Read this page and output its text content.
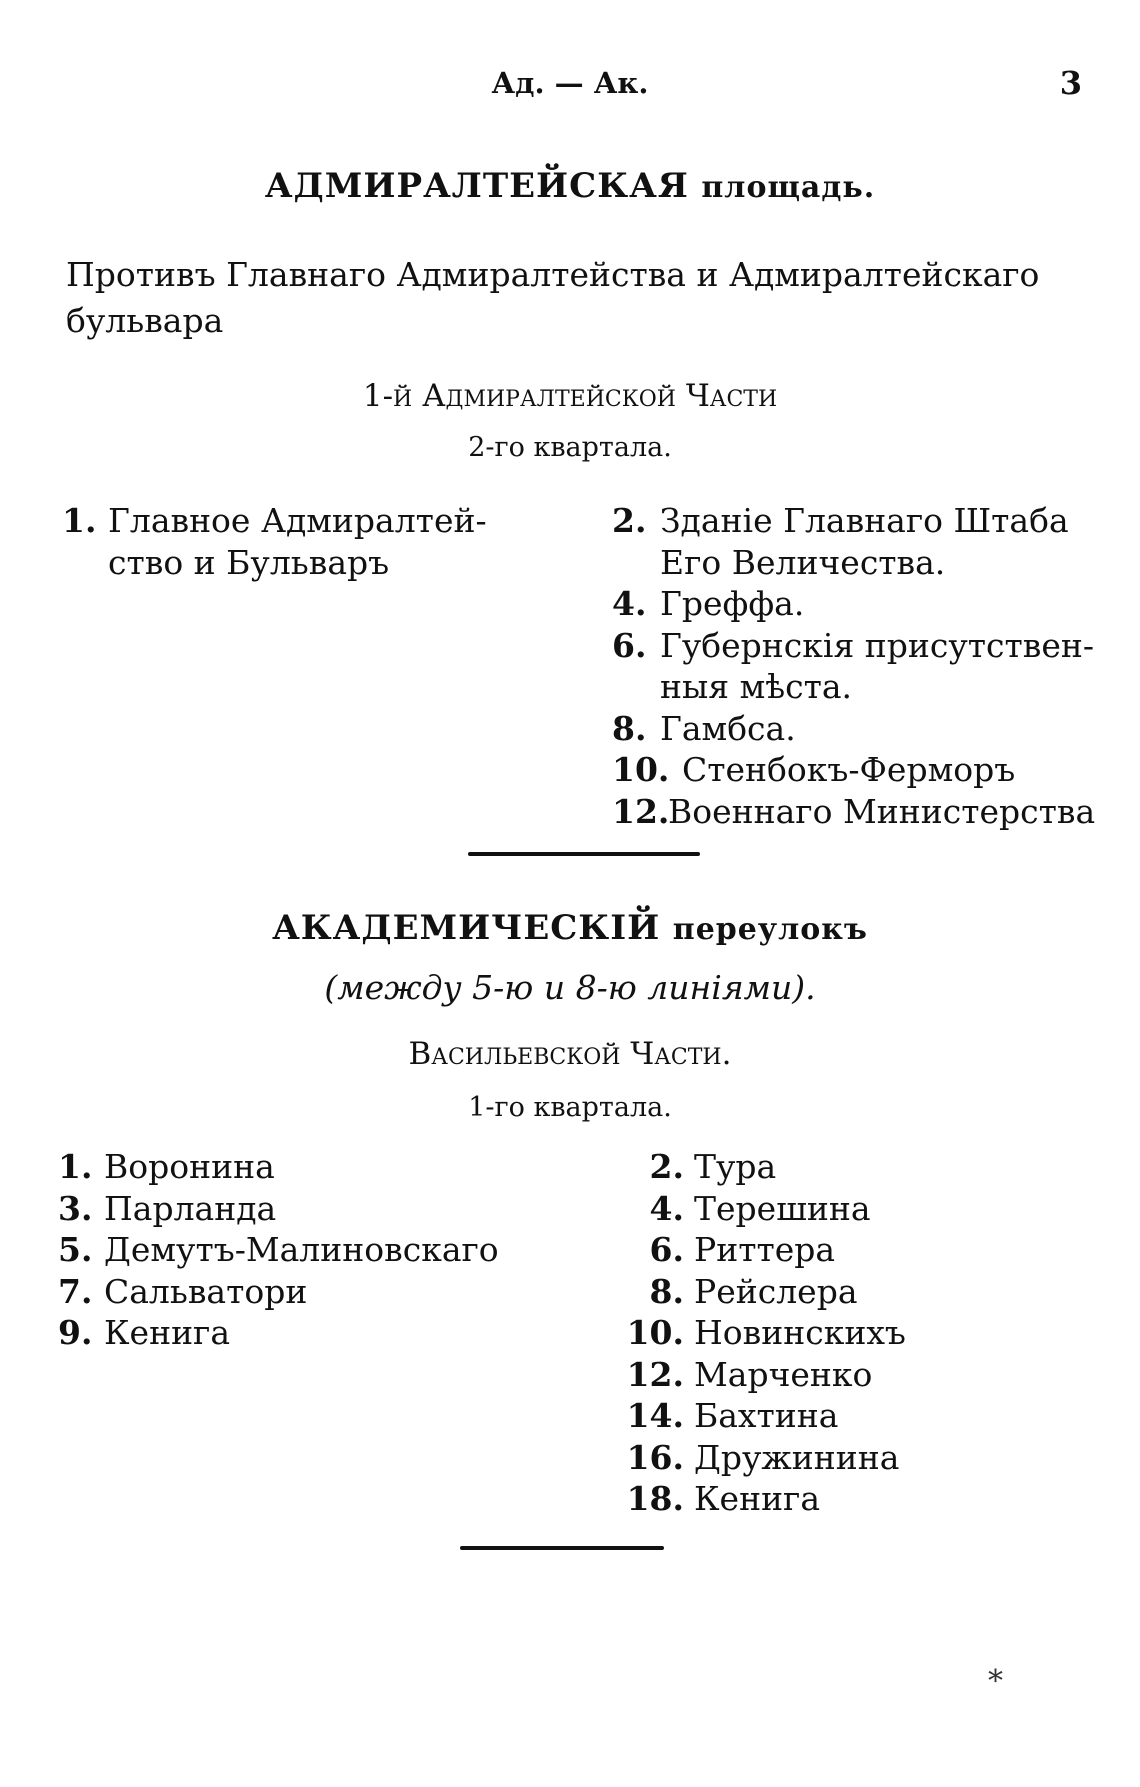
Ад. — Ак.	3
АДМИРАЛТЕЙСКАЯ площадь.
Противъ Главнаго Адмиралтейства и Адмиралтейскаго
бульвара
1-й Адмиралтейской Части
2-го квартала.
1. Главное Адмиралтей-
ство и Бульваръ
2. Зданіе Главнаго Штаба
Его Величества.
4. Греффа.
6. Губернскія присутствен-
ныя мѣста.
8. Гамбса.
10. Стенбокъ-Ферморъ
12.Военнаго Министерства
АКАДЕМИЧЕСКІЙ переулокъ
(между 5-ю и 8-ю линіями).
Васильевской Части.
1-го квартала.
1. Воронина
3. Парланда
5. Демутъ-Малиновскаго
7. Сальватори
9. Кенига
2. Тура
4. Терешина
6. Риттера
8. Рейслера
10. Новинскихъ
12. Марченко
14. Бахтина
16. Дружинина
18. Кенига
*
